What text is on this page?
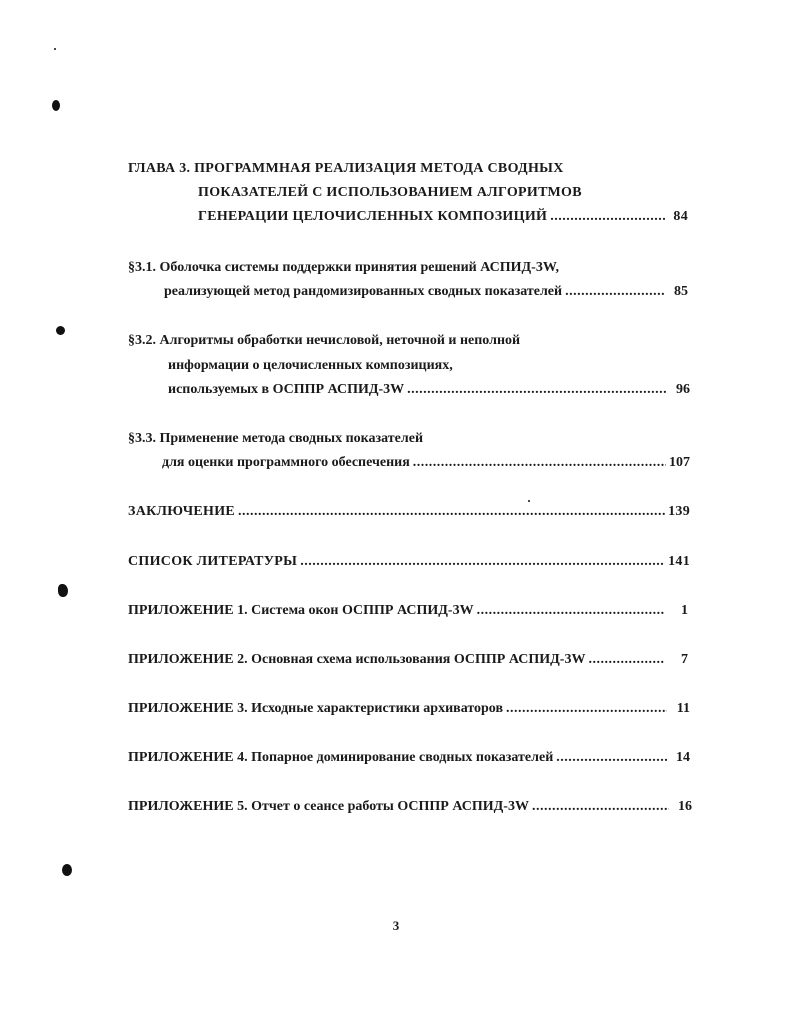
ГЛАВА 3. ПРОГРАММНАЯ РЕАЛИЗАЦИЯ МЕТОДА СВОДНЫХ
ПОКАЗАТЕЛЕЙ С ИСПОЛЬЗОВАНИЕМ АЛГОРИТМОВ
ГЕНЕРАЦИИ ЦЕЛОЧИСЛЕННЫХ КОМПОЗИЦИЙ .....	84
§3.1. Оболочка системы поддержки принятия решений АСПИД-3W,
реализующей метод рандомизированных сводных показателей .....	85
§3.2. Алгоритмы обработки нечисловой, неточной и неполной
информации о целочисленных композициях,
используемых в ОСППР АСПИД-3W .....	96
§3.3. Применение метода сводных показателей
для оценки программного обеспечения .....	107
ЗАКЛЮЧЕНИЕ .....	139
СПИСОК ЛИТЕРАТУРЫ .....	141
ПРИЛОЖЕНИЕ 1. Система окон ОСППР АСПИД-3W .....	1
ПРИЛОЖЕНИЕ 2. Основная схема использования ОСППР АСПИД-3W .....	7
ПРИЛОЖЕНИЕ 3. Исходные характеристики архиваторов .....	11
ПРИЛОЖЕНИЕ 4. Попарное доминирование сводных показателей .....	14
ПРИЛОЖЕНИЕ 5. Отчет о сеансе работы ОСППР АСПИД-3W .....	16
3
